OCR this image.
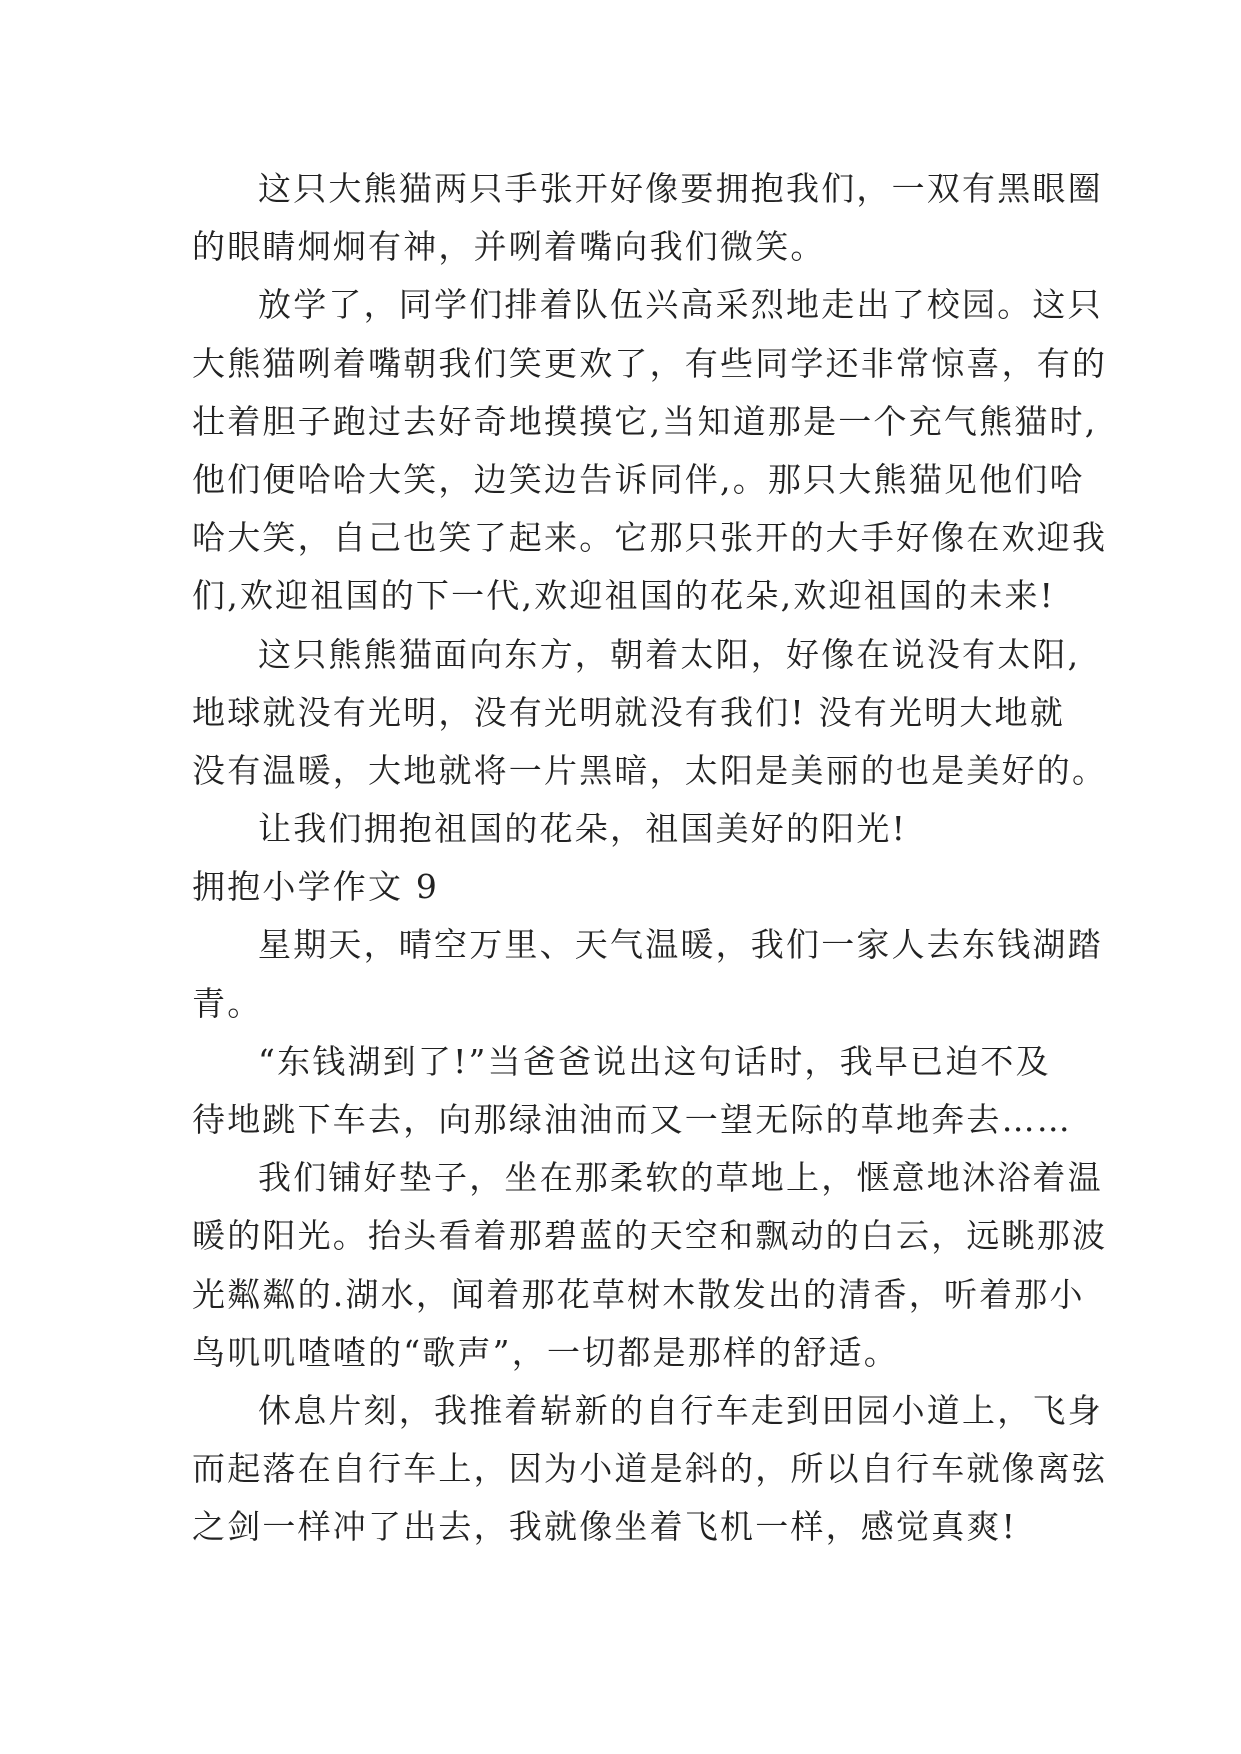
这只大熊猫两只手张开好像要拥抱我们，一双有黑眼圈

的眼睛炯炯有神，并咧着嘴向我们微笑。

放学了，同学们排着队伍兴高采烈地走出了校园。这只

大熊猫咧着嘴朝我们笑更欢了，有些同学还非常惊喜，有的

壮着胆子跑过去好奇地摸摸它,当知道那是一个充气熊猫时,

他们便哈哈大笑，边笑边告诉同伴,。那只大熊猫见他们哈

哈大笑，自己也笑了起来。它那只张开的大手好像在欢迎我

们,欢迎祖国的下一代,欢迎祖国的花朵,欢迎祖国的未来!

这只熊熊猫面向东方，朝着太阳，好像在说没有太阳,

地球就没有光明，没有光明就没有我们! 没有光明大地就

没有温暖，大地就将一片黑暗，太阳是美丽的也是美好的。

让我们拥抱祖国的花朵，祖国美好的阳光!

拥抱小学作文 9

星期天，晴空万里、天气温暖，我们一家人去东钱湖踏

青。

“东钱湖到了!”当爸爸说出这句话时，我早已迫不及

待地跳下车去，向那绿油油而又一望无际的草地奔去……

我们铺好垫子，坐在那柔软的草地上，惬意地沐浴着温

暖的阳光。抬头看着那碧蓝的天空和飘动的白云，远眺那波

光粼粼的.湖水，闻着那花草树木散发出的清香，听着那小

鸟叽叽喳喳的“歌声”，一切都是那样的舒适。

休息片刻，我推着崭新的自行车走到田园小道上，飞身

而起落在自行车上，因为小道是斜的，所以自行车就像离弦

之剑一样冲了出去，我就像坐着飞机一样，感觉真爽!
